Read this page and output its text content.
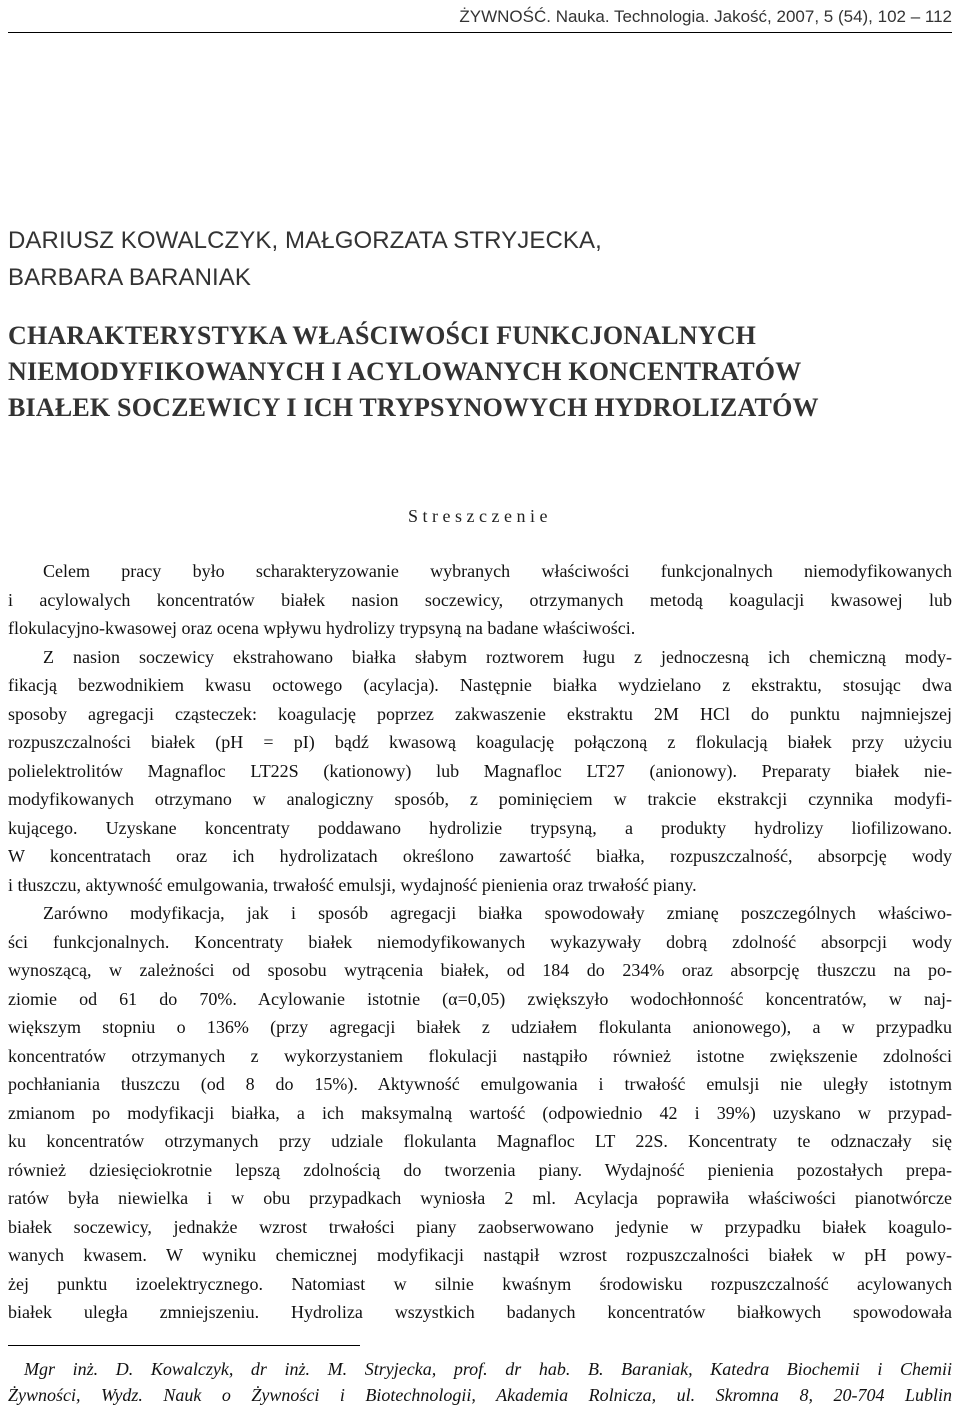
ŻYWNOŚĆ. Nauka. Technologia. Jakość, 2007, 5 (54), 102 – 112
DARIUSZ KOWALCZYK, MAŁGORZATA STRYJECKA,
BARBARA BARANIAK
CHARAKTERYSTYKA WŁAŚCIWOŚCI FUNKCJONALNYCH
NIEMODYFIKOWANYCH I ACYLOWANYCH KONCENTRATÓW
BIAŁEK SOCZEWICY I ICH TRYPSYNOWYCH HYDROLIZATÓW
Streszczenie
Celem pracy było scharakteryzowanie wybranych właściwości funkcjonalnych niemodyfikowanych
i acylowalych koncentratów białek nasion soczewicy, otrzymanych metodą koagulacji kwasowej lub
flokulacyjno-kwasowej oraz ocena wpływu hydrolizy trypsyną na badane właściwości.
Z nasion soczewicy ekstrahowano białka słabym roztworem ługu z jednoczesną ich chemiczną mody-
fikacją bezwodnikiem kwasu octowego (acylacja). Następnie białka wydzielano z ekstraktu, stosując dwa
sposoby agregacji cząsteczek: koagulację poprzez zakwaszenie ekstraktu 2M HCl do punktu najmniejszej
rozpuszczalności białek (pH = pI) bądź kwasową koagulację połączoną z flokulacją białek przy użyciu
polielektrolitów Magnafloc LT22S (kationowy) lub Magnafloc LT27 (anionowy). Preparaty białek nie-
modyfikowanych otrzymano w analogiczny sposób, z pominięciem w trakcie ekstrakcji czynnika modyfi-
kującego. Uzyskane koncentraty poddawano hydrolizie trypsyną, a produkty hydrolizy liofilizowano.
W koncentratach oraz ich hydrolizatach określono zawartość białka, rozpuszczalność, absorpcję wody
i tłuszczu, aktywność emulgowania, trwałość emulsji, wydajność pienienia oraz trwałość piany.
Zarówno modyfikacja, jak i sposób agregacji białka spowodowały zmianę poszczególnych właściwo-
ści funkcjonalnych. Koncentraty białek niemodyfikowanych wykazywały dobrą zdolność absorpcji wody
wynoszącą, w zależności od sposobu wytrącenia białek, od 184 do 234% oraz absorpcję tłuszczu na po-
ziomie od 61 do 70%. Acylowanie istotnie (α=0,05) zwiększyło wodochłonność koncentratów, w naj-
większym stopniu o 136% (przy agregacji białek z udziałem flokulanta anionowego), a w przypadku
koncentratów otrzymanych z wykorzystaniem flokulacji nastąpiło również istotne zwiększenie zdolności
pochłaniania tłuszczu (od 8 do 15%). Aktywność emulgowania i trwałość emulsji nie uległy istotnym
zmianom po modyfikacji białka, a ich maksymalną wartość (odpowiednio 42 i 39%) uzyskano w przypad-
ku koncentratów otrzymanych przy udziale flokulanta Magnafloc LT 22S. Koncentraty te odznaczały się
również dziesięciokrotnie lepszą zdolnością do tworzenia piany. Wydajność pienienia pozostałych prepa-
ratów była niewielka i w obu przypadkach wyniosła 2 ml. Acylacja poprawiła właściwości pianotwórcze
białek soczewicy, jednakże wzrost trwałości piany zaobserwowano jedynie w przypadku białek koagulo-
wanych kwasem. W wyniku chemicznej modyfikacji nastąpił wzrost rozpuszczalności białek w pH powy-
żej punktu izoelektrycznego. Natomiast w silnie kwaśnym środowisku rozpuszczalność acylowanych
białek uległa zmniejszeniu. Hydroliza wszystkich badanych koncentratów białkowych spowodowała
Mgr inż. D. Kowalczyk, dr inż. M. Stryjecka, prof. dr hab. B. Baraniak, Katedra Biochemii i Chemii
Żywności, Wydz. Nauk o Żywności i Biotechnologii, Akademia Rolnicza, ul. Skromna 8, 20-704 Lublin
